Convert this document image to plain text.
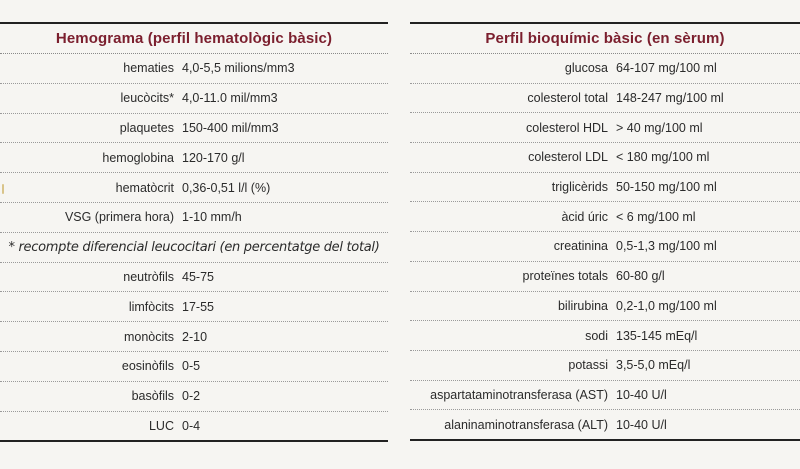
Hemograma (perfil hematològic bàsic)
hematies 4,0-5,5 milions/mm3
leucòcits* 4,0-11.0 mil/mm3
plaquetes 150-400 mil/mm3
hemoglobina 120-170 g/l
hematòcrit 0,36-0,51 l/l (%)
VSG (primera hora) 1-10 mm/h
* recompte diferencial leucocitari (en percentatge del total)
neutròfils 45-75
limfòcits 17-55
monòcits 2-10
eosinòfils 0-5
basòfils 0-2
LUC 0-4
Perfil bioquímic bàsic (en sèrum)
glucosa 64-107 mg/100 ml
colesterol total 148-247 mg/100 ml
colesterol HDL > 40 mg/100 ml
colesterol LDL < 180 mg/100 ml
triglicèrids 50-150 mg/100 ml
àcid úric < 6 mg/100 ml
creatinina 0,5-1,3 mg/100 ml
proteïnes totals 60-80 g/l
bilirubina 0,2-1,0 mg/100 ml
sodi 135-145 mEq/l
potassi 3,5-5,0 mEq/l
aspartataminotransferasa (AST) 10-40 U/l
alaninaminotransferasa (ALT) 10-40 U/l
